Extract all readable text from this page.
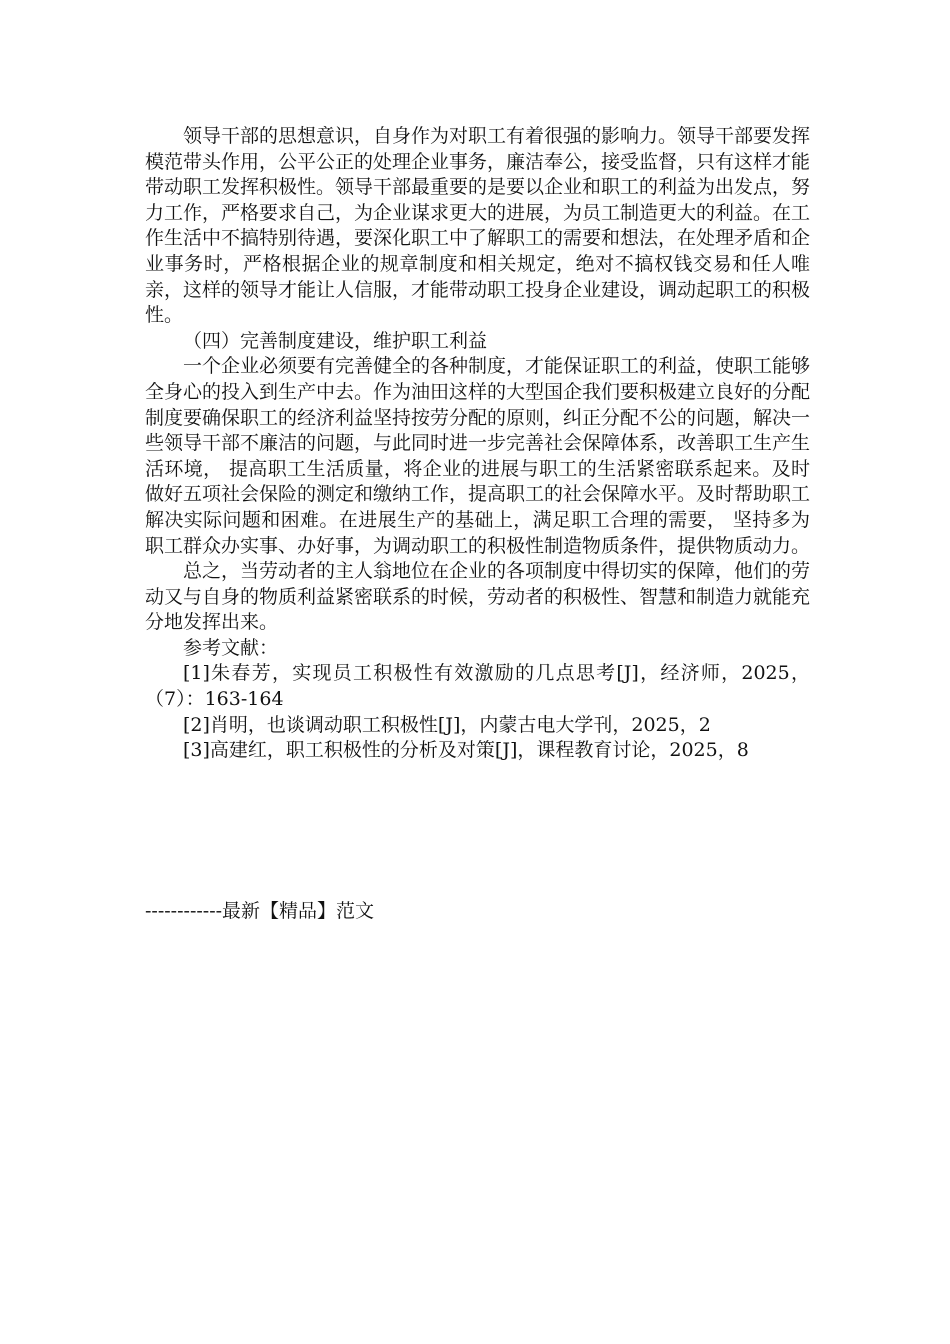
领导干部的思想意识，自身作为对职工有着很强的影响力。领导干部要发挥模范带头作用，公平公正的处理企业事务，廉洁奉公，接受监督，只有这样才能带动职工发挥积极性。领导干部最重要的是要以企业和职工的利益为出发点，努力工作，严格要求自己，为企业谋求更大的进展，为员工制造更大的利益。在工作生活中不搞特别待遇，要深化职工中了解职工的需要和想法，在处理矛盾和企业事务时，严格根据企业的规章制度和相关规定，绝对不搞权钱交易和任人唯亲，这样的领导才能让人信服，才能带动职工投身企业建设，调动起职工的积极性。

（四）完善制度建设，维护职工利益

一个企业必须要有完善健全的各种制度，才能保证职工的利益，使职工能够全身心的投入到生产中去。作为油田这样的大型国企我们要积极建立良好的分配制度要确保职工的经济利益坚持按劳分配的原则，纠正分配不公的问题，解决一些领导干部不廉洁的问题，与此同时进一步完善社会保障体系，改善职工生产生活环境， 提高职工生活质量，将企业的进展与职工的生活紧密联系起来。及时做好五项社会保险的测定和缴纳工作，提高职工的社会保障水平。及时帮助职工解决实际问题和困难。在进展生产的基础上，满足职工合理的需要， 坚持多为职工群众办实事、办好事，为调动职工的积极性制造物质条件，提供物质动力。

总之，当劳动者的主人翁地位在企业的各项制度中得切实的保障，他们的劳动又与自身的物质利益紧密联系的时候，劳动者的积极性、智慧和制造力就能充分地发挥出来。

参考文献：

[1]朱春芳，实现员工积极性有效激励的几点思考[J]，经济师，2025，（7）：163-164

[2]肖明，也谈调动职工积极性[J]，内蒙古电大学刊，2025，2

[3]高建红，职工积极性的分析及对策[J]，课程教育讨论，2025，8

------------最新【精品】范文
